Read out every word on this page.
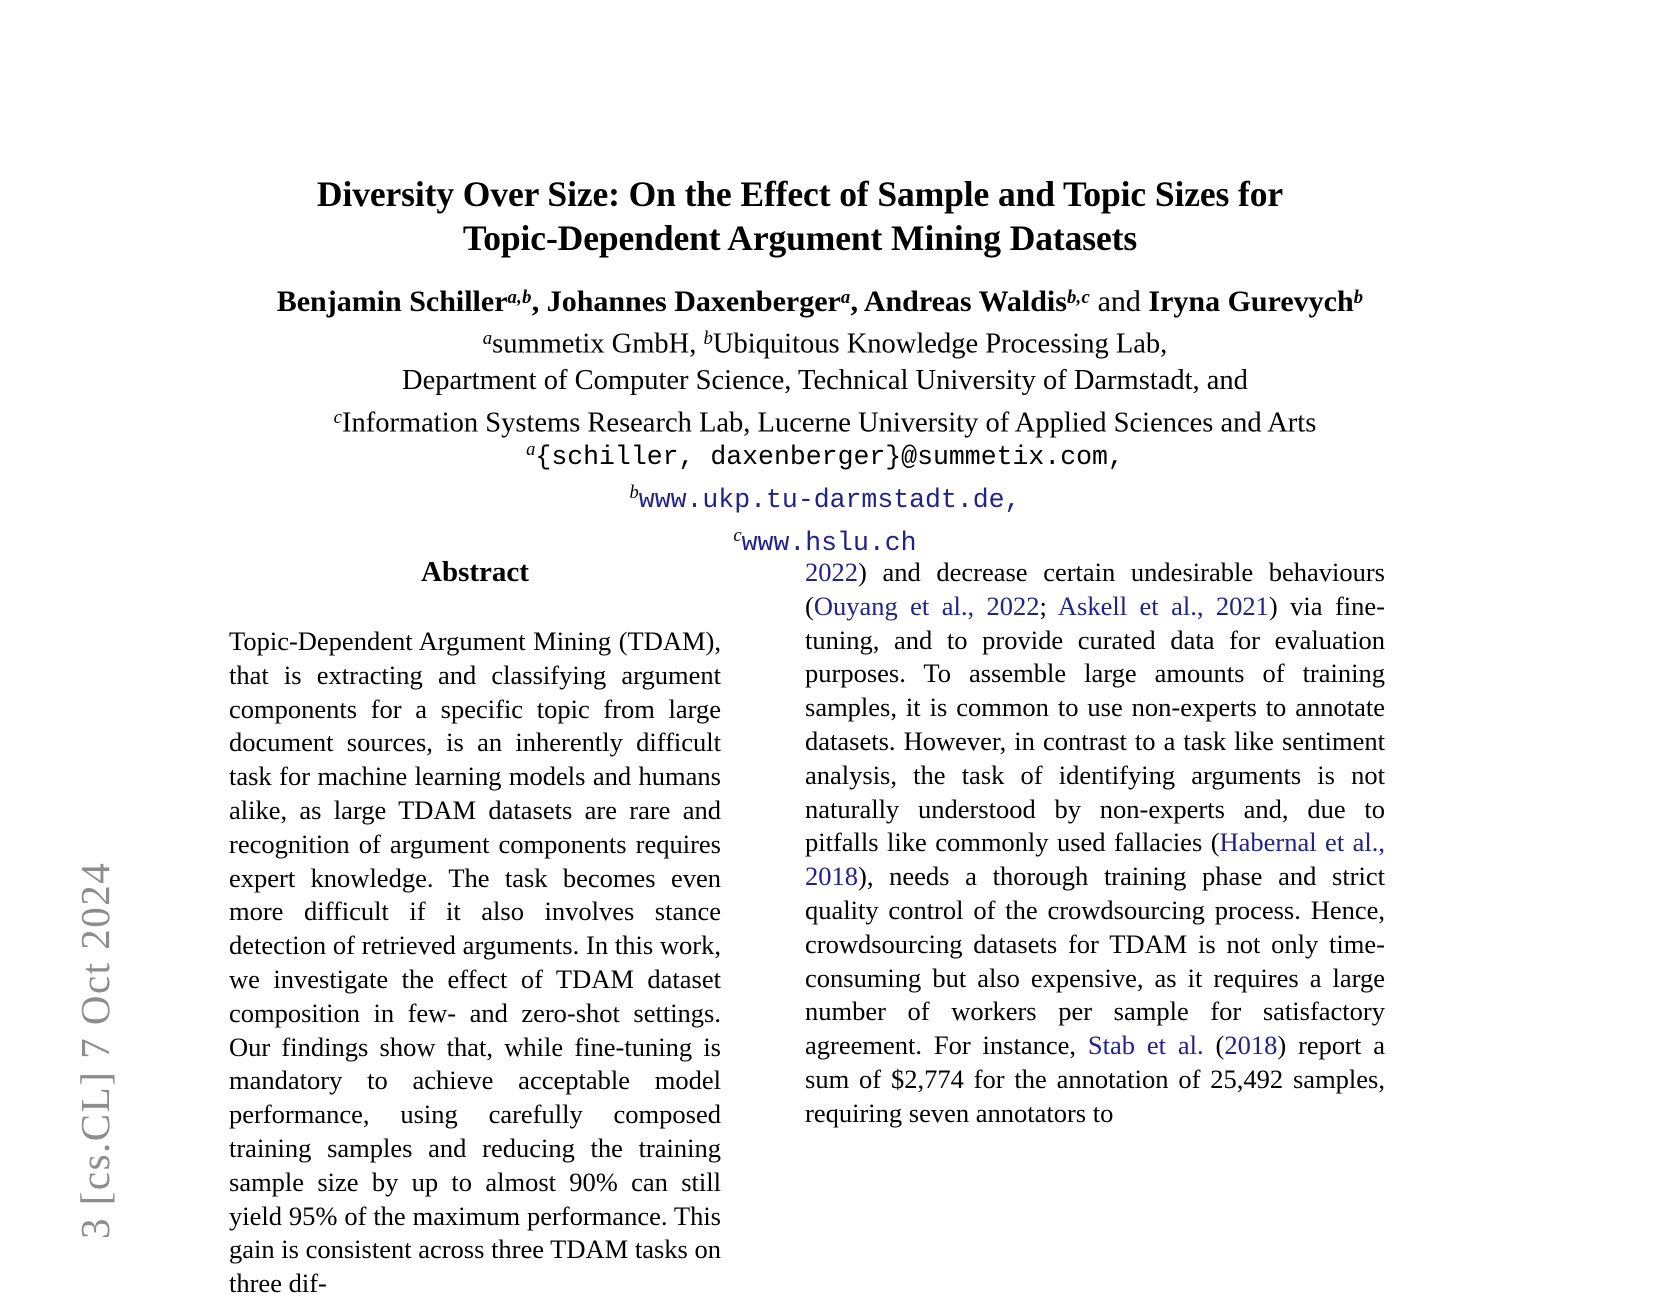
3 [cs.CL] 7 Oct 2024
Diversity Over Size: On the Effect of Sample and Topic Sizes for
Topic-Dependent Argument Mining Datasets
Benjamin Schiller$^{a,b}$, Johannes Daxenberger$^a$, Andreas Waldis$^{b,c}$ and Iryna Gurevych$^b$
$^a$summetix GmbH, $^b$Ubiquitous Knowledge Processing Lab,
Department of Computer Science, Technical University of Darmstadt, and
$^c$Information Systems Research Lab, Lucerne University of Applied Sciences and Arts
$^a${schiller, daxenberger}@summetix.com,
$^b$www.ukp.tu-darmstadt.de,
$^c$www.hslu.ch
Abstract

Topic-Dependent Argument Mining (TDAM), that is extracting and classifying argument components for a specific topic from large document sources, is an inherently difficult task for machine learning models and humans alike, as large TDAM datasets are rare and recognition of argument components requires expert knowledge. The task becomes even more difficult if it also involves stance detection of retrieved arguments. In this work, we investigate the effect of TDAM dataset composition in few- and zero-shot settings. Our findings show that, while fine-tuning is mandatory to achieve acceptable model performance, using carefully composed training samples and reducing the training sample size by up to almost 90% can still yield 95% of the maximum performance. This gain is consistent across three TDAM tasks on three dif-

2022) and decrease certain undesirable behaviours (Ouyang et al., 2022; Askell et al., 2021) via fine-tuning, and to provide curated data for evaluation purposes. To assemble large amounts of training samples, it is common to use non-experts to annotate datasets. However, in contrast to a task like sentiment analysis, the task of identifying arguments is not naturally understood by non-experts and, due to pitfalls like commonly used fallacies (Habernal et al., 2018), needs a thorough training phase and strict quality control of the crowdsourcing process. Hence, crowdsourcing datasets for TDAM is not only time-consuming but also expensive, as it requires a large number of workers per sample for satisfactory agreement. For instance, Stab et al. (2018) report a sum of $2,774 for the annotation of 25,492 samples, requiring seven annotators to
